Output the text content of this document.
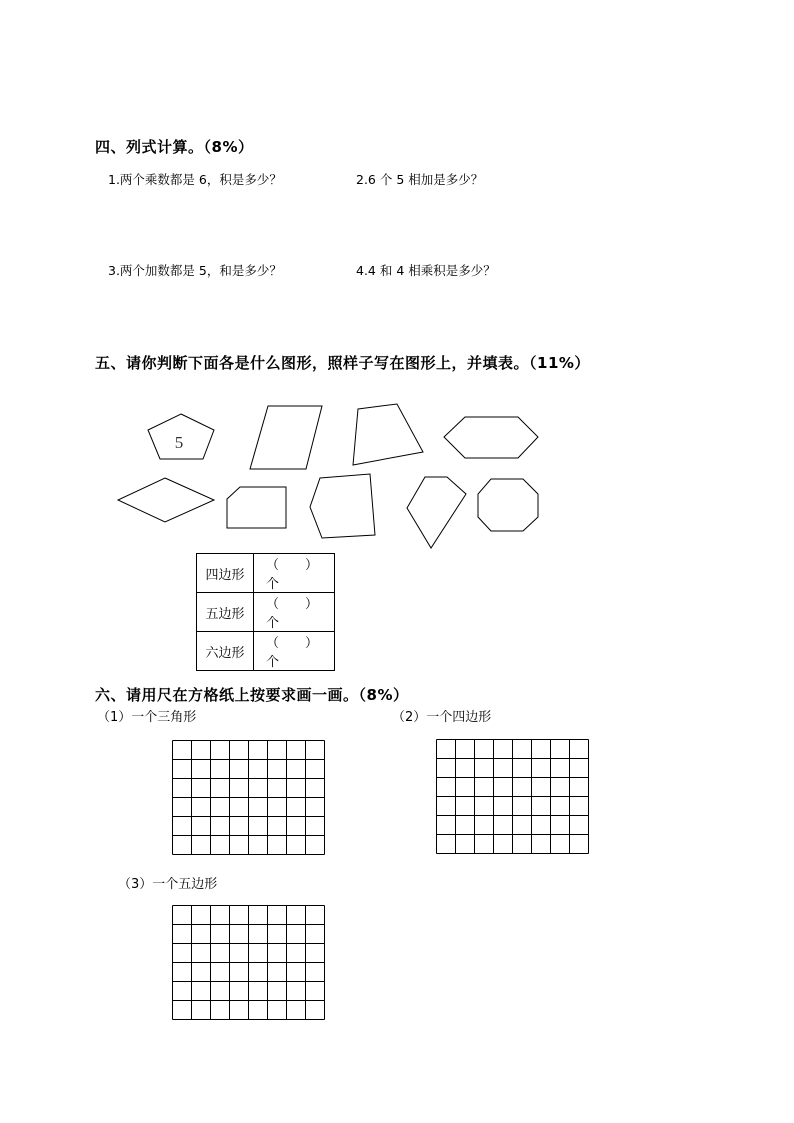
四、列式计算。（8%）
1.两个乘数都是 6，积是多少？	2.6 个 5 相加是多少？
3.两个加数都是 5，和是多少？	4.4 和 4 相乘积是多少？
五、请你判断下面各是什么图形，照样子写在图形上，并填表。（11%）
5
四边形	（　　）个
五边形	（　　）个
六边形	（　　）个
六、请用尺在方格纸上按要求画一画。（8%）
（1）一个三角形	（2）一个四边形
（3）一个五边形
